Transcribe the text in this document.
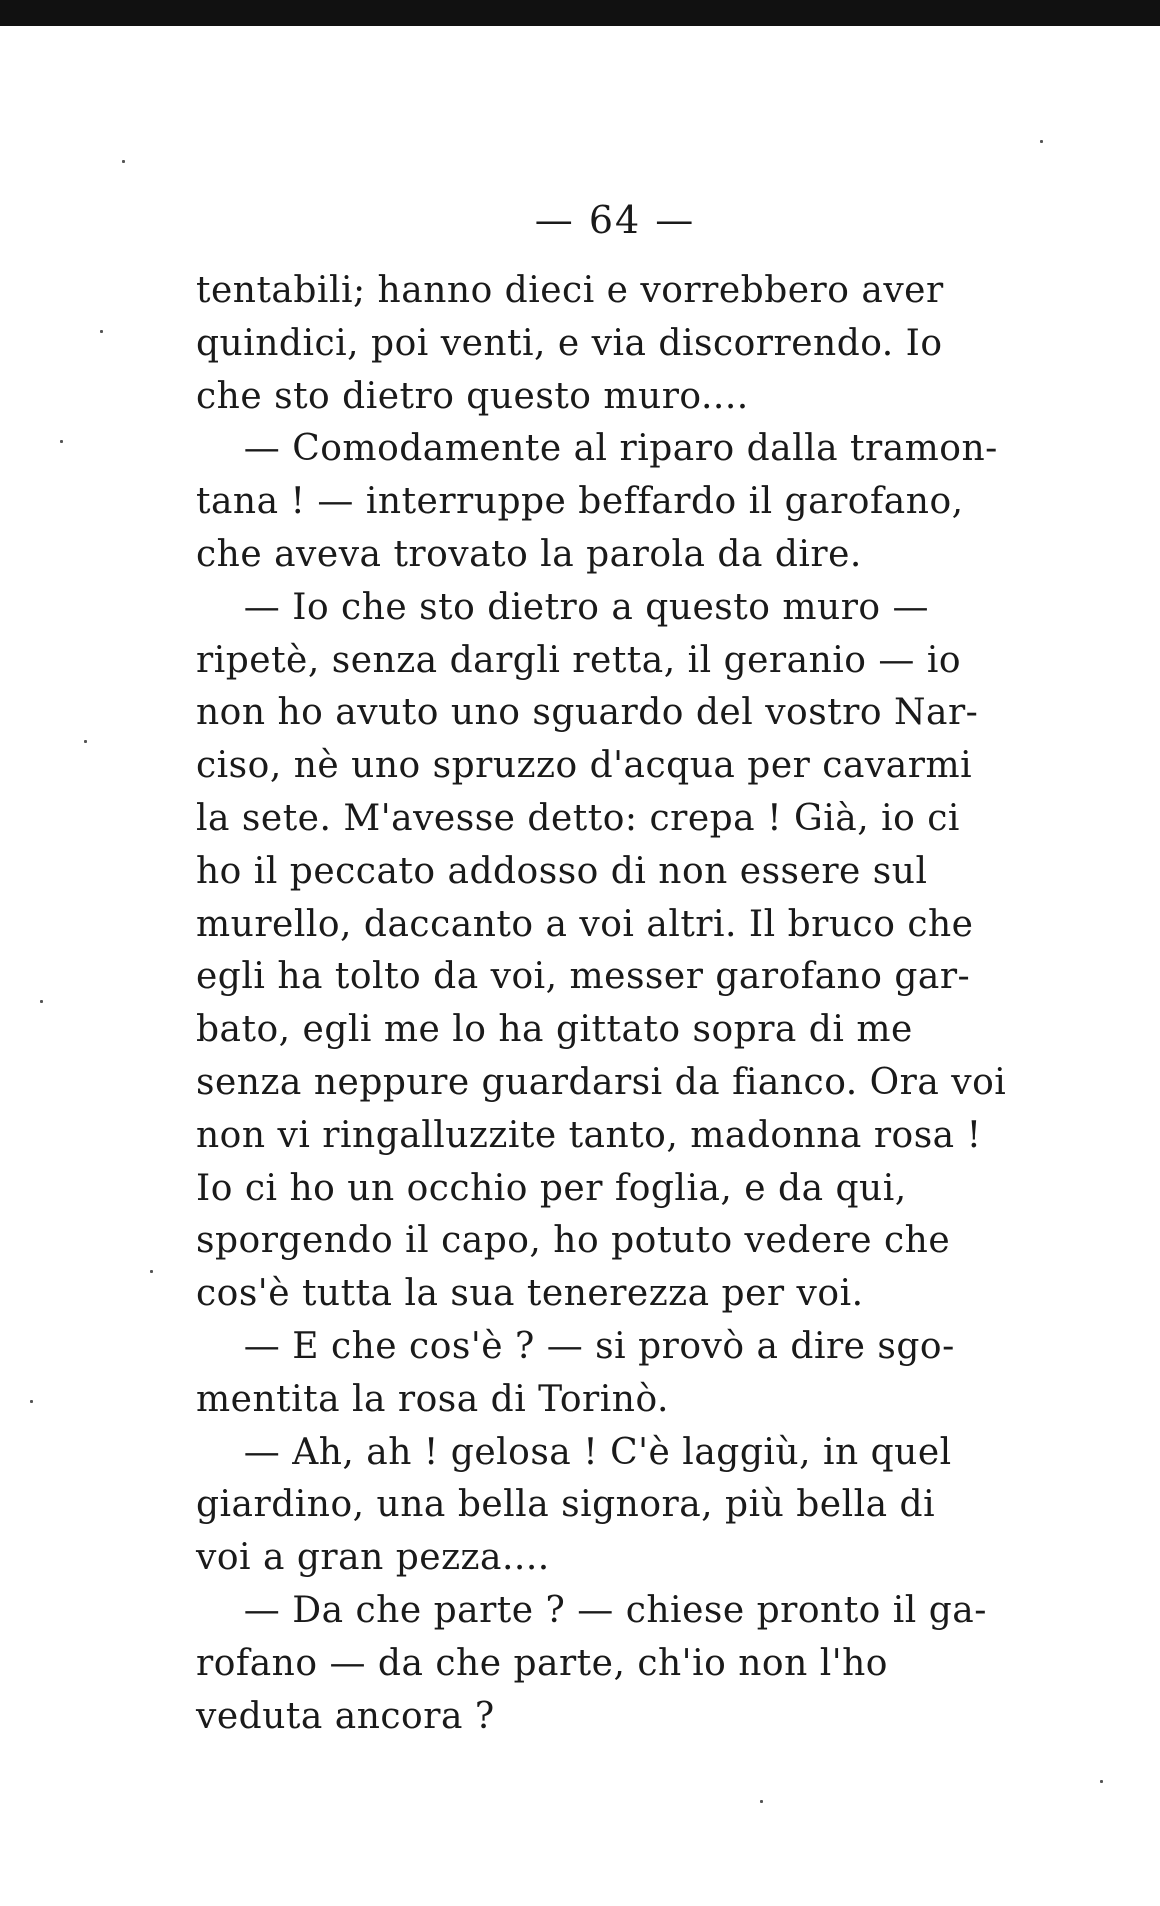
— 64 —
tentabili; hanno dieci e vorrebbero aver
quindici, poi venti, e via discorrendo. Io
che sto dietro questo muro....
— Comodamente al riparo dalla tramon-
tana ! — interruppe beffardo il garofano,
che aveva trovato la parola da dire.
— Io che sto dietro a questo muro —
ripetè, senza dargli retta, il geranio — io
non ho avuto uno sguardo del vostro Nar-
ciso, nè uno spruzzo d'acqua per cavarmi
la sete. M'avesse detto: crepa ! Già, io ci
ho il peccato addosso di non essere sul
murello, daccanto a voi altri. Il bruco che
egli ha tolto da voi, messer garofano gar-
bato, egli me lo ha gittato sopra di me
senza neppure guardarsi da fianco. Ora voi
non vi ringalluzzite tanto, madonna rosa !
Io ci ho un occhio per foglia, e da qui,
sporgendo il capo, ho potuto vedere che
cos'è tutta la sua tenerezza per voi.
— E che cos'è ? — si provò a dire sgo-
mentita la rosa di Torinò.
— Ah, ah ! gelosa ! C'è laggiù, in quel
giardino, una bella signora, più bella di
voi a gran pezza....
— Da che parte ? — chiese pronto il ga-
rofano — da che parte, ch'io non l'ho
veduta ancora ?
